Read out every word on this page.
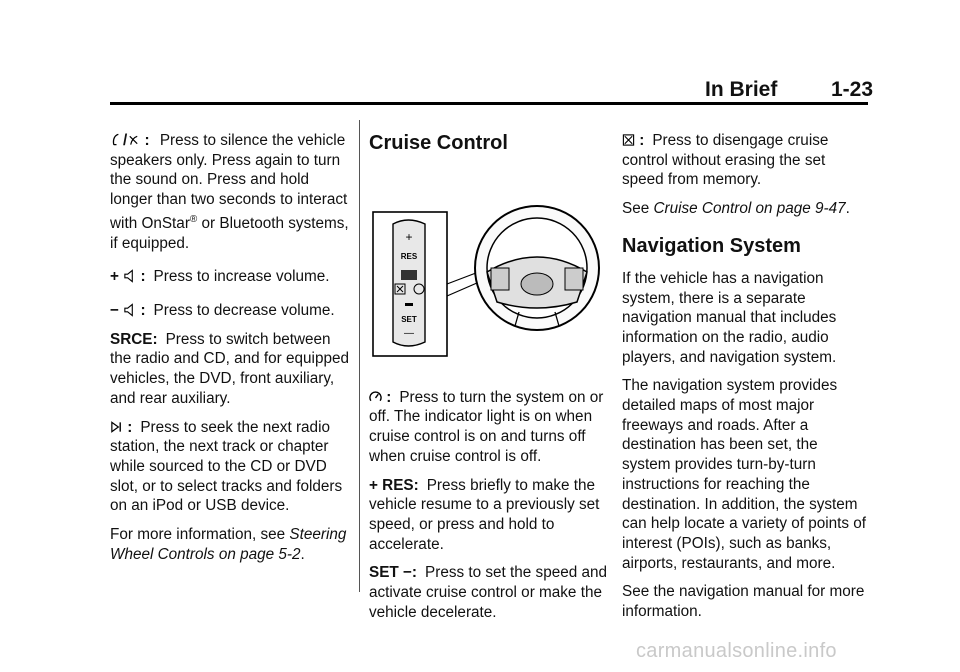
In Brief	1-23

/ : Press to silence the vehicle speakers only. Press again to turn the sound on. Press and hold longer than two seconds to interact with OnStar® or Bluetooth systems, if equipped.

+ : Press to increase volume.

− : Press to decrease volume.

SRCE: Press to switch between the radio and CD, and for equipped vehicles, the DVD, front auxiliary, and rear auxiliary.

: Press to seek the next radio station, the next track or chapter while sourced to the CD or DVD slot, or to select tracks and folders on an iPod or USB device.

For more information, see Steering Wheel Controls on page 5-2.

Cruise Control
+
RES
SET
—

: Press to turn the system on or off. The indicator light is on when cruise control is on and turns off when cruise control is off.

+ RES: Press briefly to make the vehicle resume to a previously set speed, or press and hold to accelerate.

SET −: Press to set the speed and activate cruise control or make the vehicle decelerate.

: Press to disengage cruise control without erasing the set speed from memory.

See Cruise Control on page 9-47.

Navigation System

If the vehicle has a navigation system, there is a separate navigation manual that includes information on the radio, audio players, and navigation system.

The navigation system provides detailed maps of most major freeways and roads. After a destination has been set, the system provides turn-by-turn instructions for reaching the destination. In addition, the system can help locate a variety of points of interest (POIs), such as banks, airports, restaurants, and more.

See the navigation manual for more information.

carmanualsonline.info
